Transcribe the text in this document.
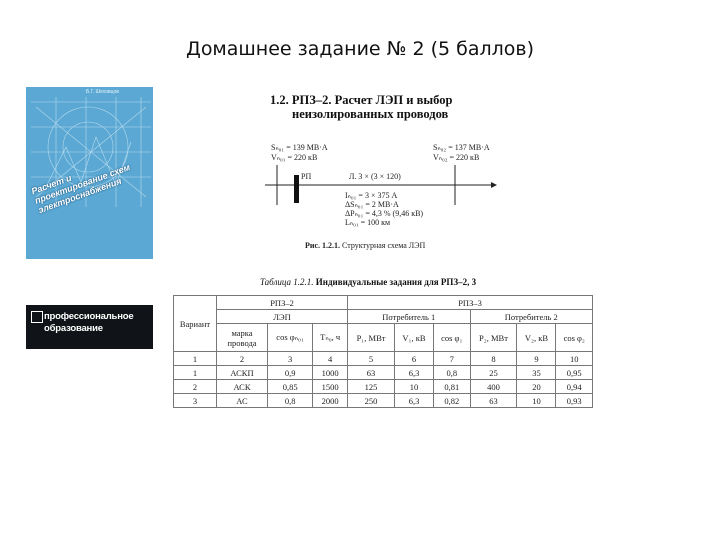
Домашнее задание № 2 (5 баллов)
Б.Г. Шеховцов
Расчет и проектирование схем электроснабжения
профессиональное
образование
1.2. РПЗ–2. Расчет ЛЭП и выбор

неизолированных проводов
Sₙ₀₁ = 139 МВ·А
Vₙ₀₁ = 220 кВ
Sₙ₀₂ = 137 МВ·А
Vₙ₀₂ = 220 кВ
РП	Л. 3 × (3 × 120)
Iₙ₀₁ = 3 × 375 А
ΔSₙ₀₁ = 2 МВ·А
ΔPₙ₀₁ = 4,3 % (9,46 кВ)
Lₙ₀₁ = 100 км
Рис. 1.2.1. Структурная схема ЛЭП
Таблица 1.2.1. Индивидуальные задания для РПЗ–2, 3
Вариант	РПЗ–2			РПЗ–3					
	ЛЭП			Потребитель 1			Потребитель 2		
	марка провода	cos φₙ₀₁	Tₙ₀, ч	P₁, МВт	V₁, кВ	cos φ₁	P₂, МВт	V₂, кВ	cos φ₂
1	2	3	4	5	6	7	8	9	10
1	АСКП	0,9	1000	63	6,3	0,8	25	35	0,95
2	АСК	0,85	1500	125	10	0,81	400	20	0,94
3	АС	0,8	2000	250	6,3	0,82	63	10	0,93
